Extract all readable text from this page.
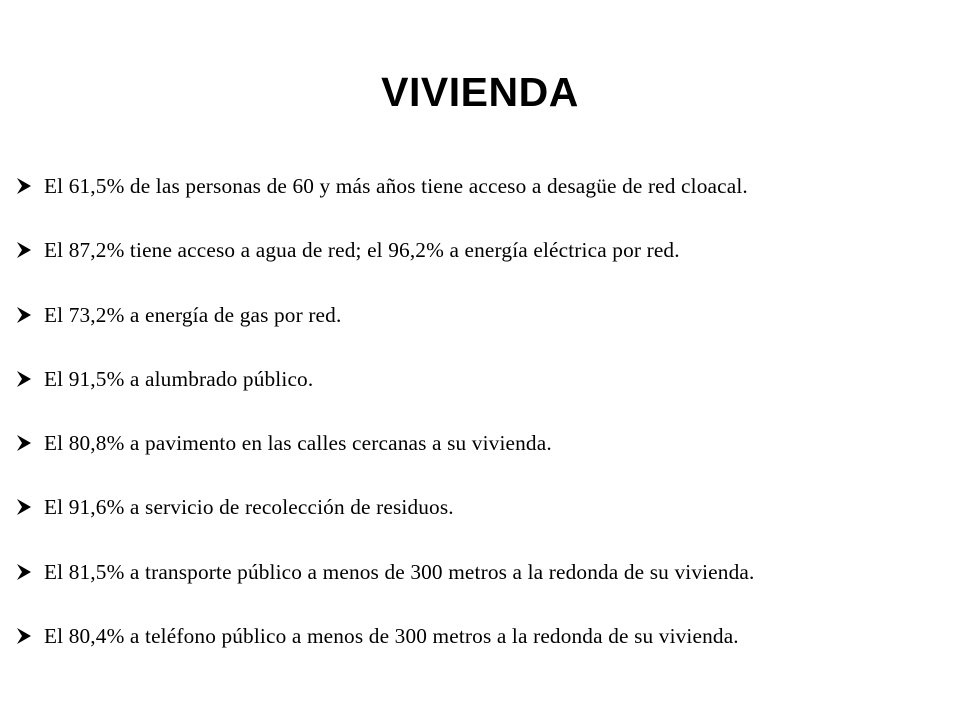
VIVIENDA
El 61,5% de las personas de 60 y más años tiene acceso a desagüe de red cloacal.
El 87,2% tiene acceso a agua de red; el 96,2% a energía eléctrica por red.
El 73,2% a energía de gas por red.
El 91,5% a alumbrado público.
El 80,8% a pavimento en las calles cercanas a su vivienda.
El 91,6% a servicio de recolección de residuos.
El 81,5% a transporte público a menos de 300 metros a la redonda de su vivienda.
El 80,4% a teléfono público a menos de 300 metros a la redonda de su vivienda.
